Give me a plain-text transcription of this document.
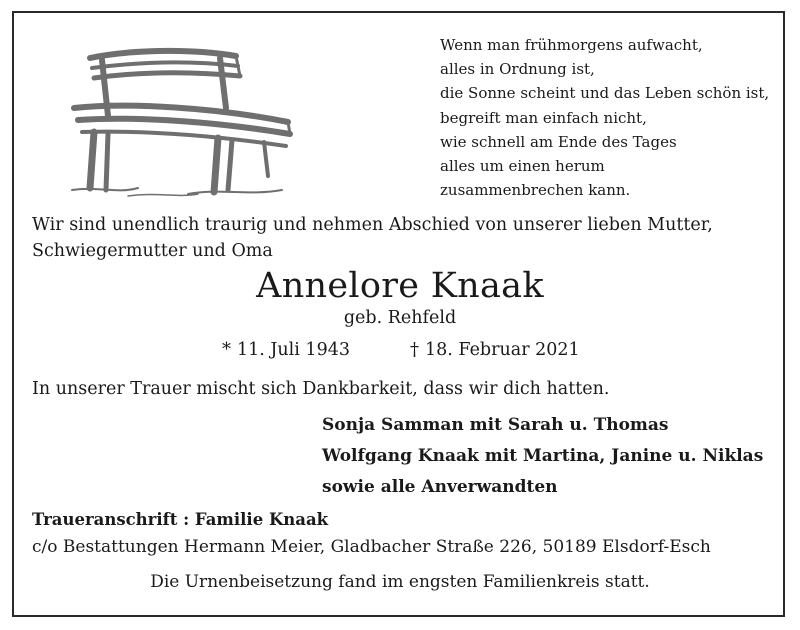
Wenn man frühmorgens aufwacht,
alles in Ordnung ist,
die Sonne scheint und das Leben schön ist,
begreift man einfach nicht,
wie schnell am Ende des Tages
alles um einen herum
zusammenbrechen kann.
Wir sind unendlich traurig und nehmen Abschied von unserer lieben Mutter,
Schwiegermutter und Oma
Annelore Knaak
geb. Rehfeld
* 11. Juli 1943	† 18. Februar 2021
In unserer Trauer mischt sich Dankbarkeit, dass wir dich hatten.
Sonja Samman mit Sarah u. Thomas
Wolfgang Knaak mit Martina, Janine u. Niklas
sowie alle Anverwandten
Traueranschrift : Familie Knaak
c/o Bestattungen Hermann Meier, Gladbacher Straße 226, 50189 Elsdorf-Esch
Die Urnenbeisetzung fand im engsten Familienkreis statt.
